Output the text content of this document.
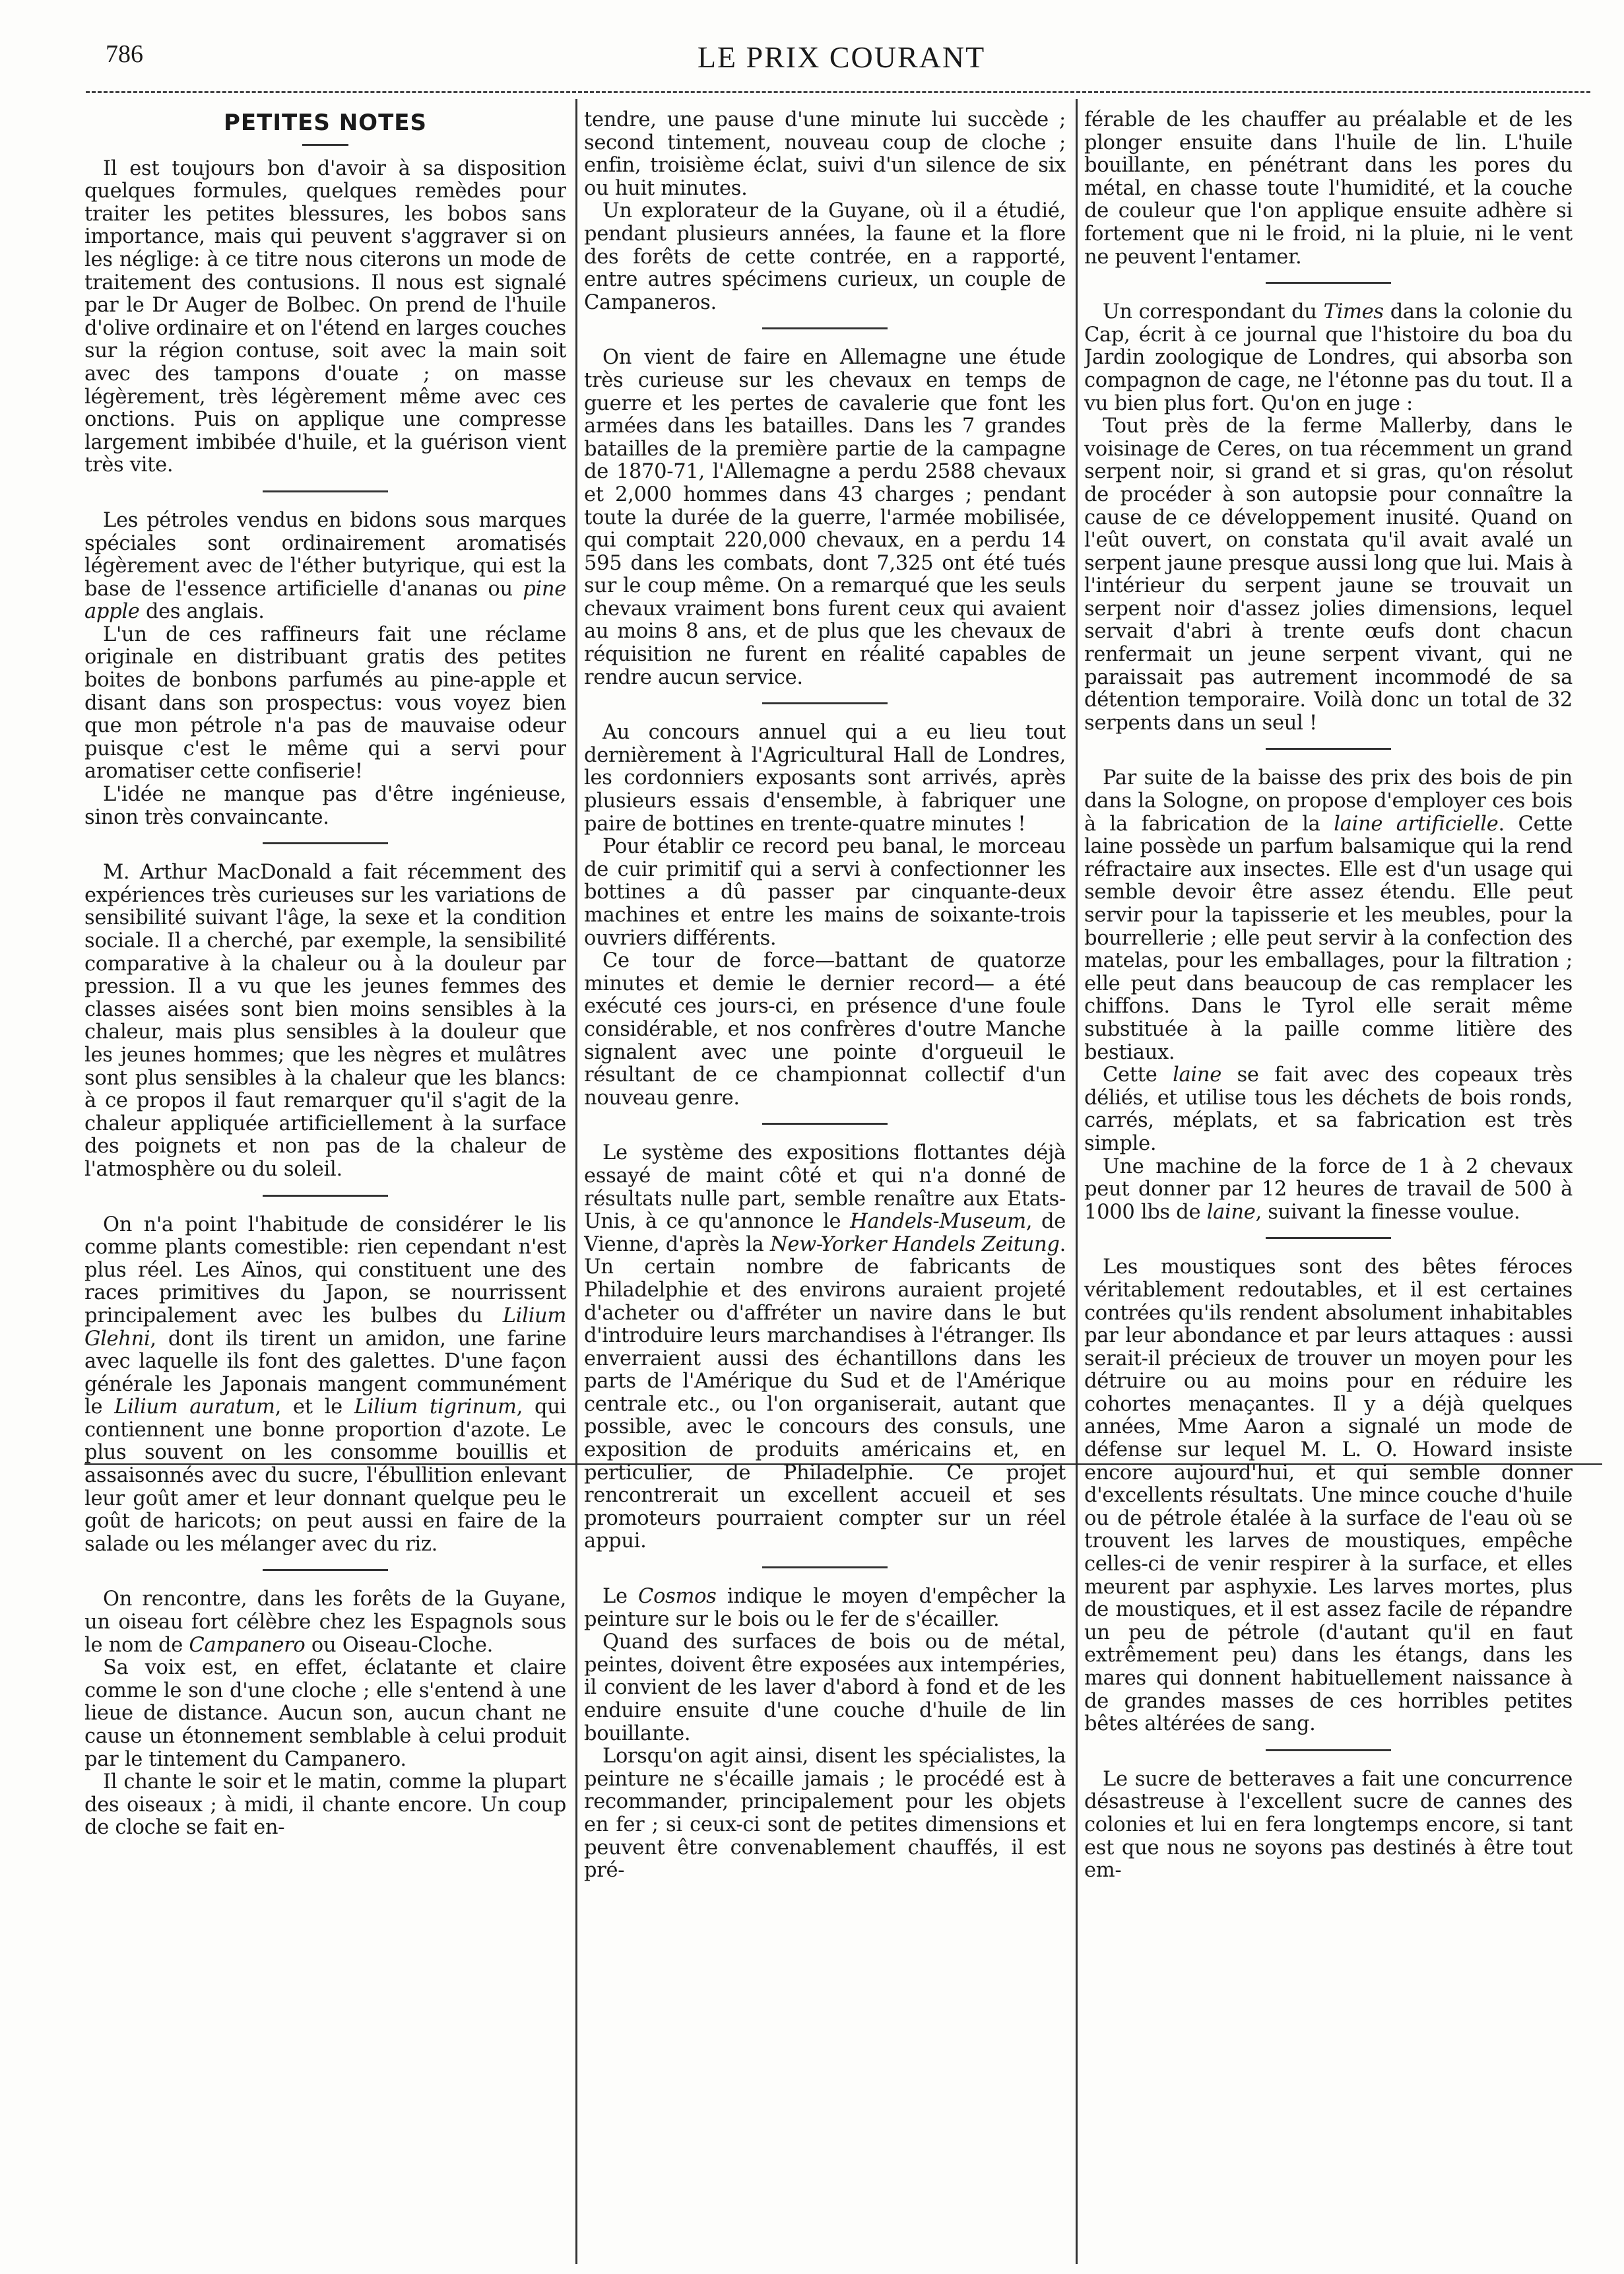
786	LE PRIX COURANT
PETITES NOTES

Il est toujours bon d'avoir à sa disposition quelques formules, quelques remèdes pour traiter les petites blessures, les bobos sans importance, mais qui peuvent s'aggraver si on les néglige: à ce titre nous citerons un mode de traitement des contusions. Il nous est signalé par le Dr Auger de Bolbec. On prend de l'huile d'olive ordinaire et on l'étend en larges couches sur la région contuse, soit avec la main soit avec des tampons d'ouate ; on masse légèrement, très légèrement même avec ces onctions. Puis on applique une compresse largement imbibée d'huile, et la guérison vient très vite.

Les pétroles vendus en bidons sous marques spéciales sont ordinairement aromatisés légèrement avec de l'éther butyrique, qui est la base de l'essence artificielle d'ananas ou pine apple des anglais.

L'un de ces raffineurs fait une réclame originale en distribuant gratis des petites boites de bonbons parfumés au pine-apple et disant dans son prospectus: vous voyez bien que mon pétrole n'a pas de mauvaise odeur puisque c'est le même qui a servi pour aromatiser cette confiserie!

L'idée ne manque pas d'être ingénieuse, sinon très convaincante.

M. Arthur MacDonald a fait récemment des expériences très curieuses sur les variations de sensibilité suivant l'âge, la sexe et la condition sociale. Il a cherché, par exemple, la sensibilité comparative à la chaleur ou à la douleur par pression. Il a vu que les jeunes femmes des classes aisées sont bien moins sensibles à la chaleur, mais plus sensibles à la douleur que les jeunes hommes; que les nègres et mulâtres sont plus sensibles à la chaleur que les blancs: à ce propos il faut remarquer qu'il s'agit de la chaleur appliquée artificiellement à la surface des poignets et non pas de la chaleur de l'atmosphère ou du soleil.

On n'a point l'habitude de considérer le lis comme plants comestible: rien cependant n'est plus réel. Les Aïnos, qui constituent une des races primitives du Japon, se nourrissent principalement avec les bulbes du Lilium Glehni, dont ils tirent un amidon, une farine avec laquelle ils font des galettes. D'une façon générale les Japonais mangent communément le Lilium auratum, et le Lilium tigrinum, qui contiennent une bonne proportion d'azote. Le plus souvent on les consomme bouillis et assaisonnés avec du sucre, l'ébullition enlevant leur goût amer et leur donnant quelque peu le goût de haricots; on peut aussi en faire de la salade ou les mélanger avec du riz.

On rencontre, dans les forêts de la Guyane, un oiseau fort célèbre chez les Espagnols sous le nom de Campanero ou Oiseau-Cloche.

Sa voix est, en effet, éclatante et claire comme le son d'une cloche ; elle s'entend à une lieue de distance. Aucun son, aucun chant ne cause un étonnement semblable à celui produit par le tintement du Campanero.

Il chante le soir et le matin, comme la plupart des oiseaux ; à midi, il chante encore. Un coup de cloche se fait en-

tendre, une pause d'une minute lui succède ; second tintement, nouveau coup de cloche ; enfin, troisième éclat, suivi d'un silence de six ou huit minutes.

Un explorateur de la Guyane, où il a étudié, pendant plusieurs années, la faune et la flore des forêts de cette contrée, en a rapporté, entre autres spécimens curieux, un couple de Campaneros.

On vient de faire en Allemagne une étude très curieuse sur les chevaux en temps de guerre et les pertes de cavalerie que font les armées dans les batailles. Dans les 7 grandes batailles de la première partie de la campagne de 1870-71, l'Allemagne a perdu 2588 chevaux et 2,000 hommes dans 43 charges ; pendant toute la durée de la guerre, l'armée mobilisée, qui comptait 220,000 chevaux, en a perdu 14 595 dans les combats, dont 7,325 ont été tués sur le coup même. On a remarqué que les seuls chevaux vraiment bons furent ceux qui avaient au moins 8 ans, et de plus que les chevaux de réquisition ne furent en réalité capables de rendre aucun service.

Au concours annuel qui a eu lieu tout dernièrement à l'Agricultural Hall de Londres, les cordonniers exposants sont arrivés, après plusieurs essais d'ensemble, à fabriquer une paire de bottines en trente-quatre minutes !

Pour établir ce record peu banal, le morceau de cuir primitif qui a servi à confectionner les bottines a dû passer par cinquante-deux machines et entre les mains de soixante-trois ouvriers différents.

Ce tour de force—battant de quatorze minutes et demie le dernier record— a été exécuté ces jours-ci, en présence d'une foule considérable, et nos confrères d'outre Manche signalent avec une pointe d'orgueuil le résultant de ce championnat collectif d'un nouveau genre.

Le système des expositions flottantes déjà essayé de maint côté et qui n'a donné de résultats nulle part, semble renaître aux Etats-Unis, à ce qu'annonce le Handels-Museum, de Vienne, d'après la New-Yorker Handels Zeitung. Un certain nombre de fabricants de Philadelphie et des environs auraient projeté d'acheter ou d'affréter un navire dans le but d'introduire leurs marchandises à l'étranger. Ils enverraient aussi des échantillons dans les parts de l'Amérique du Sud et de l'Amérique centrale etc., ou l'on organiserait, autant que possible, avec le concours des consuls, une exposition de produits américains et, en perticulier, de Philadelphie. Ce projet rencontrerait un excellent accueil et ses promoteurs pourraient compter sur un réel appui.

Le Cosmos indique le moyen d'empêcher la peinture sur le bois ou le fer de s'écailler.

Quand des surfaces de bois ou de métal, peintes, doivent être exposées aux intempéries, il convient de les laver d'abord à fond et de les enduire ensuite d'une couche d'huile de lin bouillante.

Lorsqu'on agit ainsi, disent les spécialistes, la peinture ne s'écaille jamais ; le procédé est à recommander, principalement pour les objets en fer ; si ceux-ci sont de petites dimensions et peuvent être convenablement chauffés, il est pré-

férable de les chauffer au préalable et de les plonger ensuite dans l'huile de lin. L'huile bouillante, en pénétrant dans les pores du métal, en chasse toute l'humidité, et la couche de couleur que l'on applique ensuite adhère si fortement que ni le froid, ni la pluie, ni le vent ne peuvent l'entamer.

Un correspondant du Times dans la colonie du Cap, écrit à ce journal que l'histoire du boa du Jardin zoologique de Londres, qui absorba son compagnon de cage, ne l'étonne pas du tout. Il a vu bien plus fort. Qu'on en juge :

Tout près de la ferme Mallerby, dans le voisinage de Ceres, on tua récemment un grand serpent noir, si grand et si gras, qu'on résolut de procéder à son autopsie pour connaître la cause de ce développement inusité. Quand on l'eût ouvert, on constata qu'il avait avalé un serpent jaune presque aussi long que lui. Mais à l'intérieur du serpent jaune se trouvait un serpent noir d'assez jolies dimensions, lequel servait d'abri à trente œufs dont chacun renfermait un jeune serpent vivant, qui ne paraissait pas autrement incommodé de sa détention temporaire. Voilà donc un total de 32 serpents dans un seul !

Par suite de la baisse des prix des bois de pin dans la Sologne, on propose d'employer ces bois à la fabrication de la laine artificielle. Cette laine possède un parfum balsamique qui la rend réfractaire aux insectes. Elle est d'un usage qui semble devoir être assez étendu. Elle peut servir pour la tapisserie et les meubles, pour la bourrellerie ; elle peut servir à la confection des matelas, pour les emballages, pour la filtration ; elle peut dans beaucoup de cas remplacer les chiffons. Dans le Tyrol elle serait même substituée à la paille comme litière des bestiaux.

Cette laine se fait avec des copeaux très déliés, et utilise tous les déchets de bois ronds, carrés, méplats, et sa fabrication est très simple.

Une machine de la force de 1 à 2 chevaux peut donner par 12 heures de travail de 500 à 1000 lbs de laine, suivant la finesse voulue.

Les moustiques sont des bêtes féroces véritablement redoutables, et il est certaines contrées qu'ils rendent absolument inhabitables par leur abondance et par leurs attaques : aussi serait-il précieux de trouver un moyen pour les détruire ou au moins pour en réduire les cohortes menaçantes. Il y a déjà quelques années, Mme Aaron a signalé un mode de défense sur lequel M. L. O. Howard insiste encore aujourd'hui, et qui semble donner d'excellents résultats. Une mince couche d'huile ou de pétrole étalée à la surface de l'eau où se trouvent les larves de moustiques, empêche celles-ci de venir respirer à la surface, et elles meurent par asphyxie. Les larves mortes, plus de moustiques, et il est assez facile de répandre un peu de pétrole (d'autant qu'il en faut extrêmement peu) dans les étangs, dans les mares qui donnent habituellement naissance à de grandes masses de ces horribles petites bêtes altérées de sang.

Le sucre de betteraves a fait une concurrence désastreuse à l'excellent sucre de cannes des colonies et lui en fera longtemps encore, si tant est que nous ne soyons pas destinés à être tout em-
